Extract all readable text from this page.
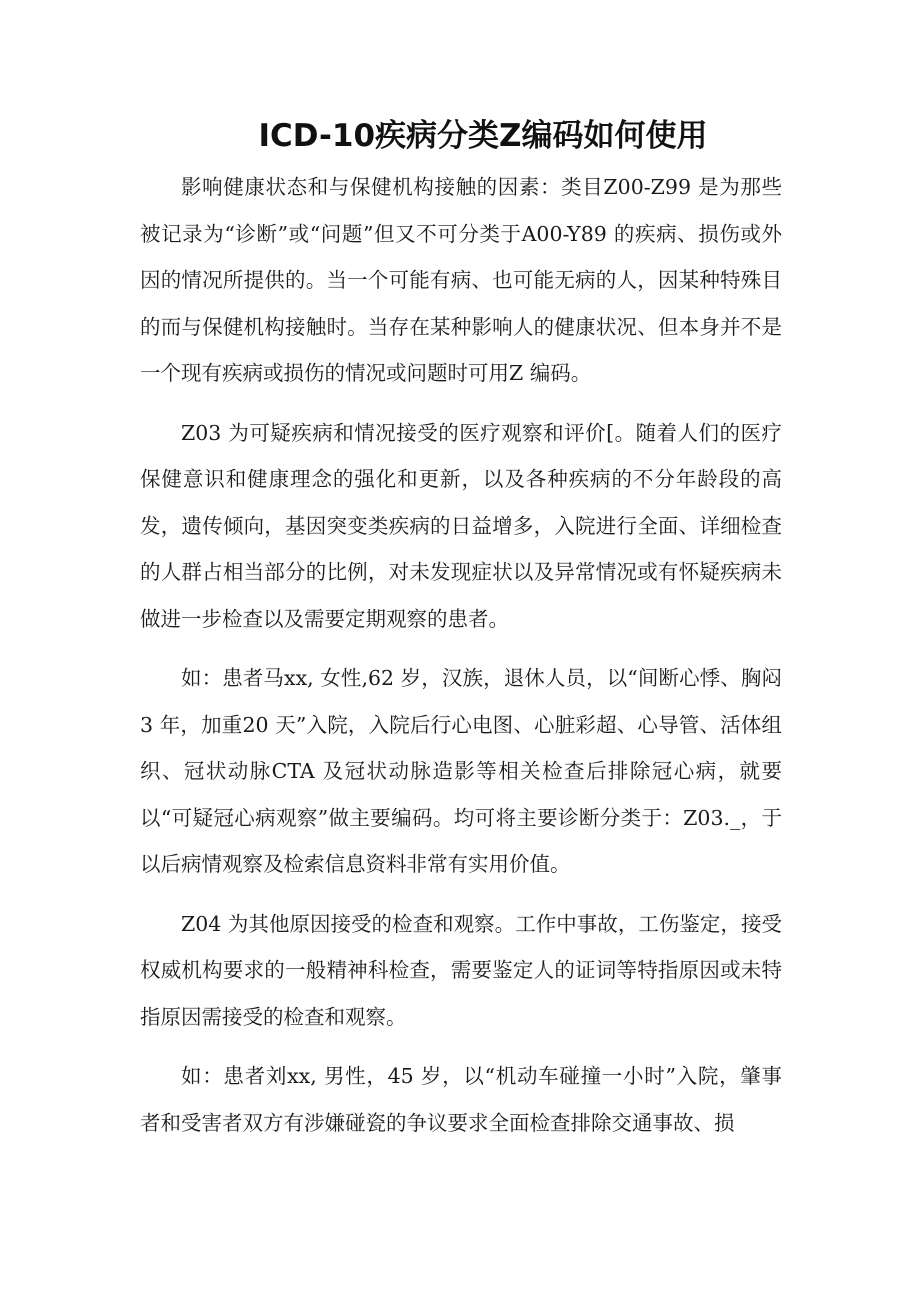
ICD-10疾病分类Z编码如何使用

影响健康状态和与保健机构接触的因素：类目Z00-Z99 是为那些被记录为“诊断”或“问题”但又不可分类于A00-Y89 的疾病、损伤或外因的情况所提供的。当一个可能有病、也可能无病的人，因某种特殊目的而与保健机构接触时。当存在某种影响人的健康状况、但本身并不是一个现有疾病或损伤的情况或问题时可用Z 编码。

Z03 为可疑疾病和情况接受的医疗观察和评价[。随着人们的医疗保健意识和健康理念的强化和更新，以及各种疾病的不分年龄段的高发，遗传倾向，基因突变类疾病的日益增多，入院进行全面、详细检查的人群占相当部分的比例，对未发现症状以及异常情况或有怀疑疾病未做进一步检查以及需要定期观察的患者。

如：患者马xx, 女性,62 岁，汉族，退休人员，以“间断心悸、胸闷3 年，加重20 天”入院，入院后行心电图、心脏彩超、心导管、活体组织、冠状动脉CTA 及冠状动脉造影等相关检查后排除冠心病，就要以“可疑冠心病观察”做主要编码。均可将主要诊断分类于：Z03._，于以后病情观察及检索信息资料非常有实用价值。

Z04 为其他原因接受的检查和观察。工作中事故，工伤鉴定，接受权威机构要求的一般精神科检查，需要鉴定人的证词等特指原因或未特指原因需接受的检查和观察。

如：患者刘xx, 男性，45 岁，以“机动车碰撞一小时”入院，肇事者和受害者双方有涉嫌碰瓷的争议要求全面检查排除交通事故、损
